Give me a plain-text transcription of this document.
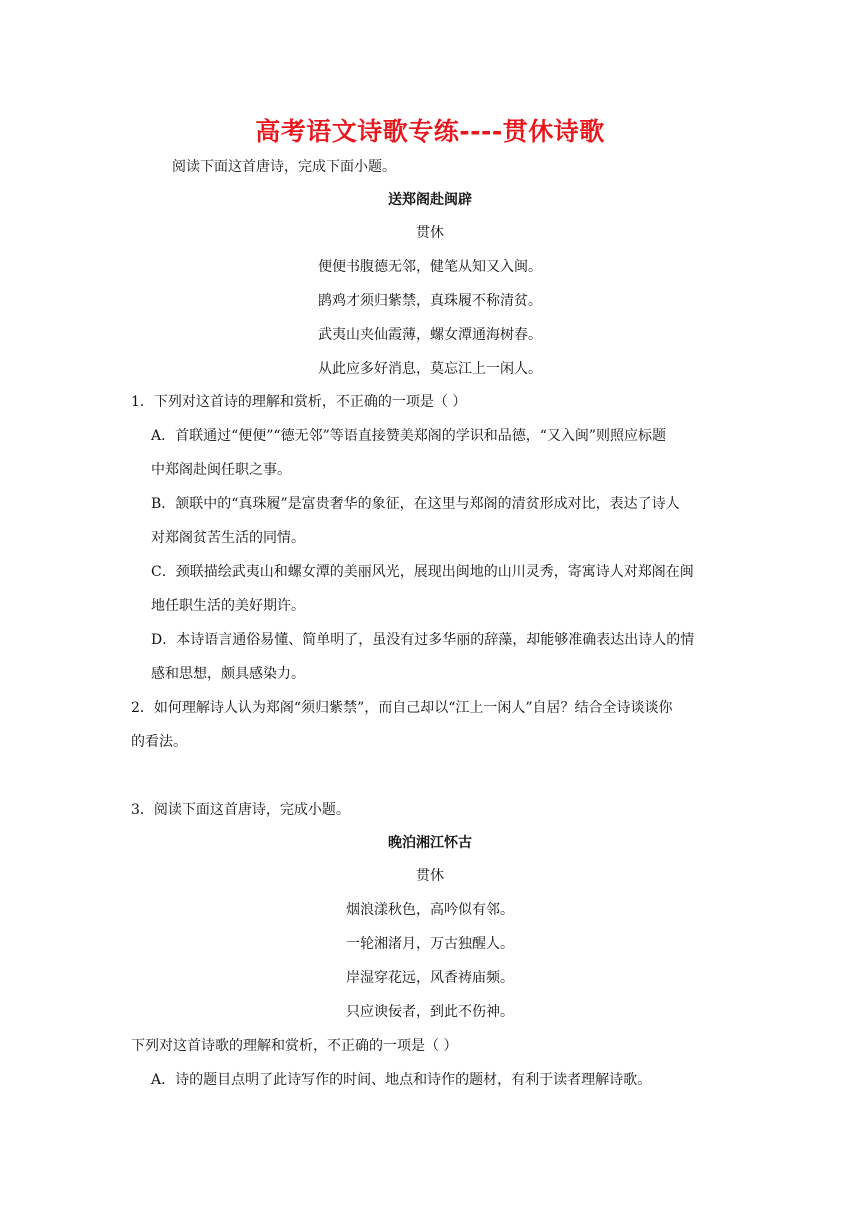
高考语文诗歌专练----贯休诗歌
阅读下面这首唐诗，完成下面小题。
送郑阁赴闽辟
贯休
便便书腹德无邻，健笔从知又入闽。
鹍鸡才须归紫禁，真珠履不称清贫。
武夷山夹仙霞薄，螺女潭通海树春。
从此应多好消息，莫忘江上一闲人。
1．下列对这首诗的理解和赏析，不正确的一项是（ ）
A．首联通过“便便”“德无邻”等语直接赞美郑阁的学识和品德，“又入闽”则照应标题
中郑阁赴闽任职之事。
B．颔联中的“真珠履”是富贵奢华的象征，在这里与郑阁的清贫形成对比，表达了诗人
对郑阁贫苦生活的同情。
C．颈联描绘武夷山和螺女潭的美丽风光，展现出闽地的山川灵秀，寄寓诗人对郑阁在闽
地任职生活的美好期许。
D．本诗语言通俗易懂、简单明了，虽没有过多华丽的辞藻，却能够准确表达出诗人的情
感和思想，颇具感染力。
2．如何理解诗人认为郑阁“须归紫禁”，而自己却以“江上一闲人”自居？结合全诗谈谈你
的看法。
3．阅读下面这首唐诗，完成小题。
晚泊湘江怀古
贯休
烟浪漾秋色，高吟似有邻。
一轮湘渚月，万古独醒人。
岸湿穿花远，风香祷庙频。
只应谀佞者，到此不伤神。
下列对这首诗歌的理解和赏析，不正确的一项是（ ）
A．诗的题目点明了此诗写作的时间、地点和诗作的题材，有利于读者理解诗歌。
